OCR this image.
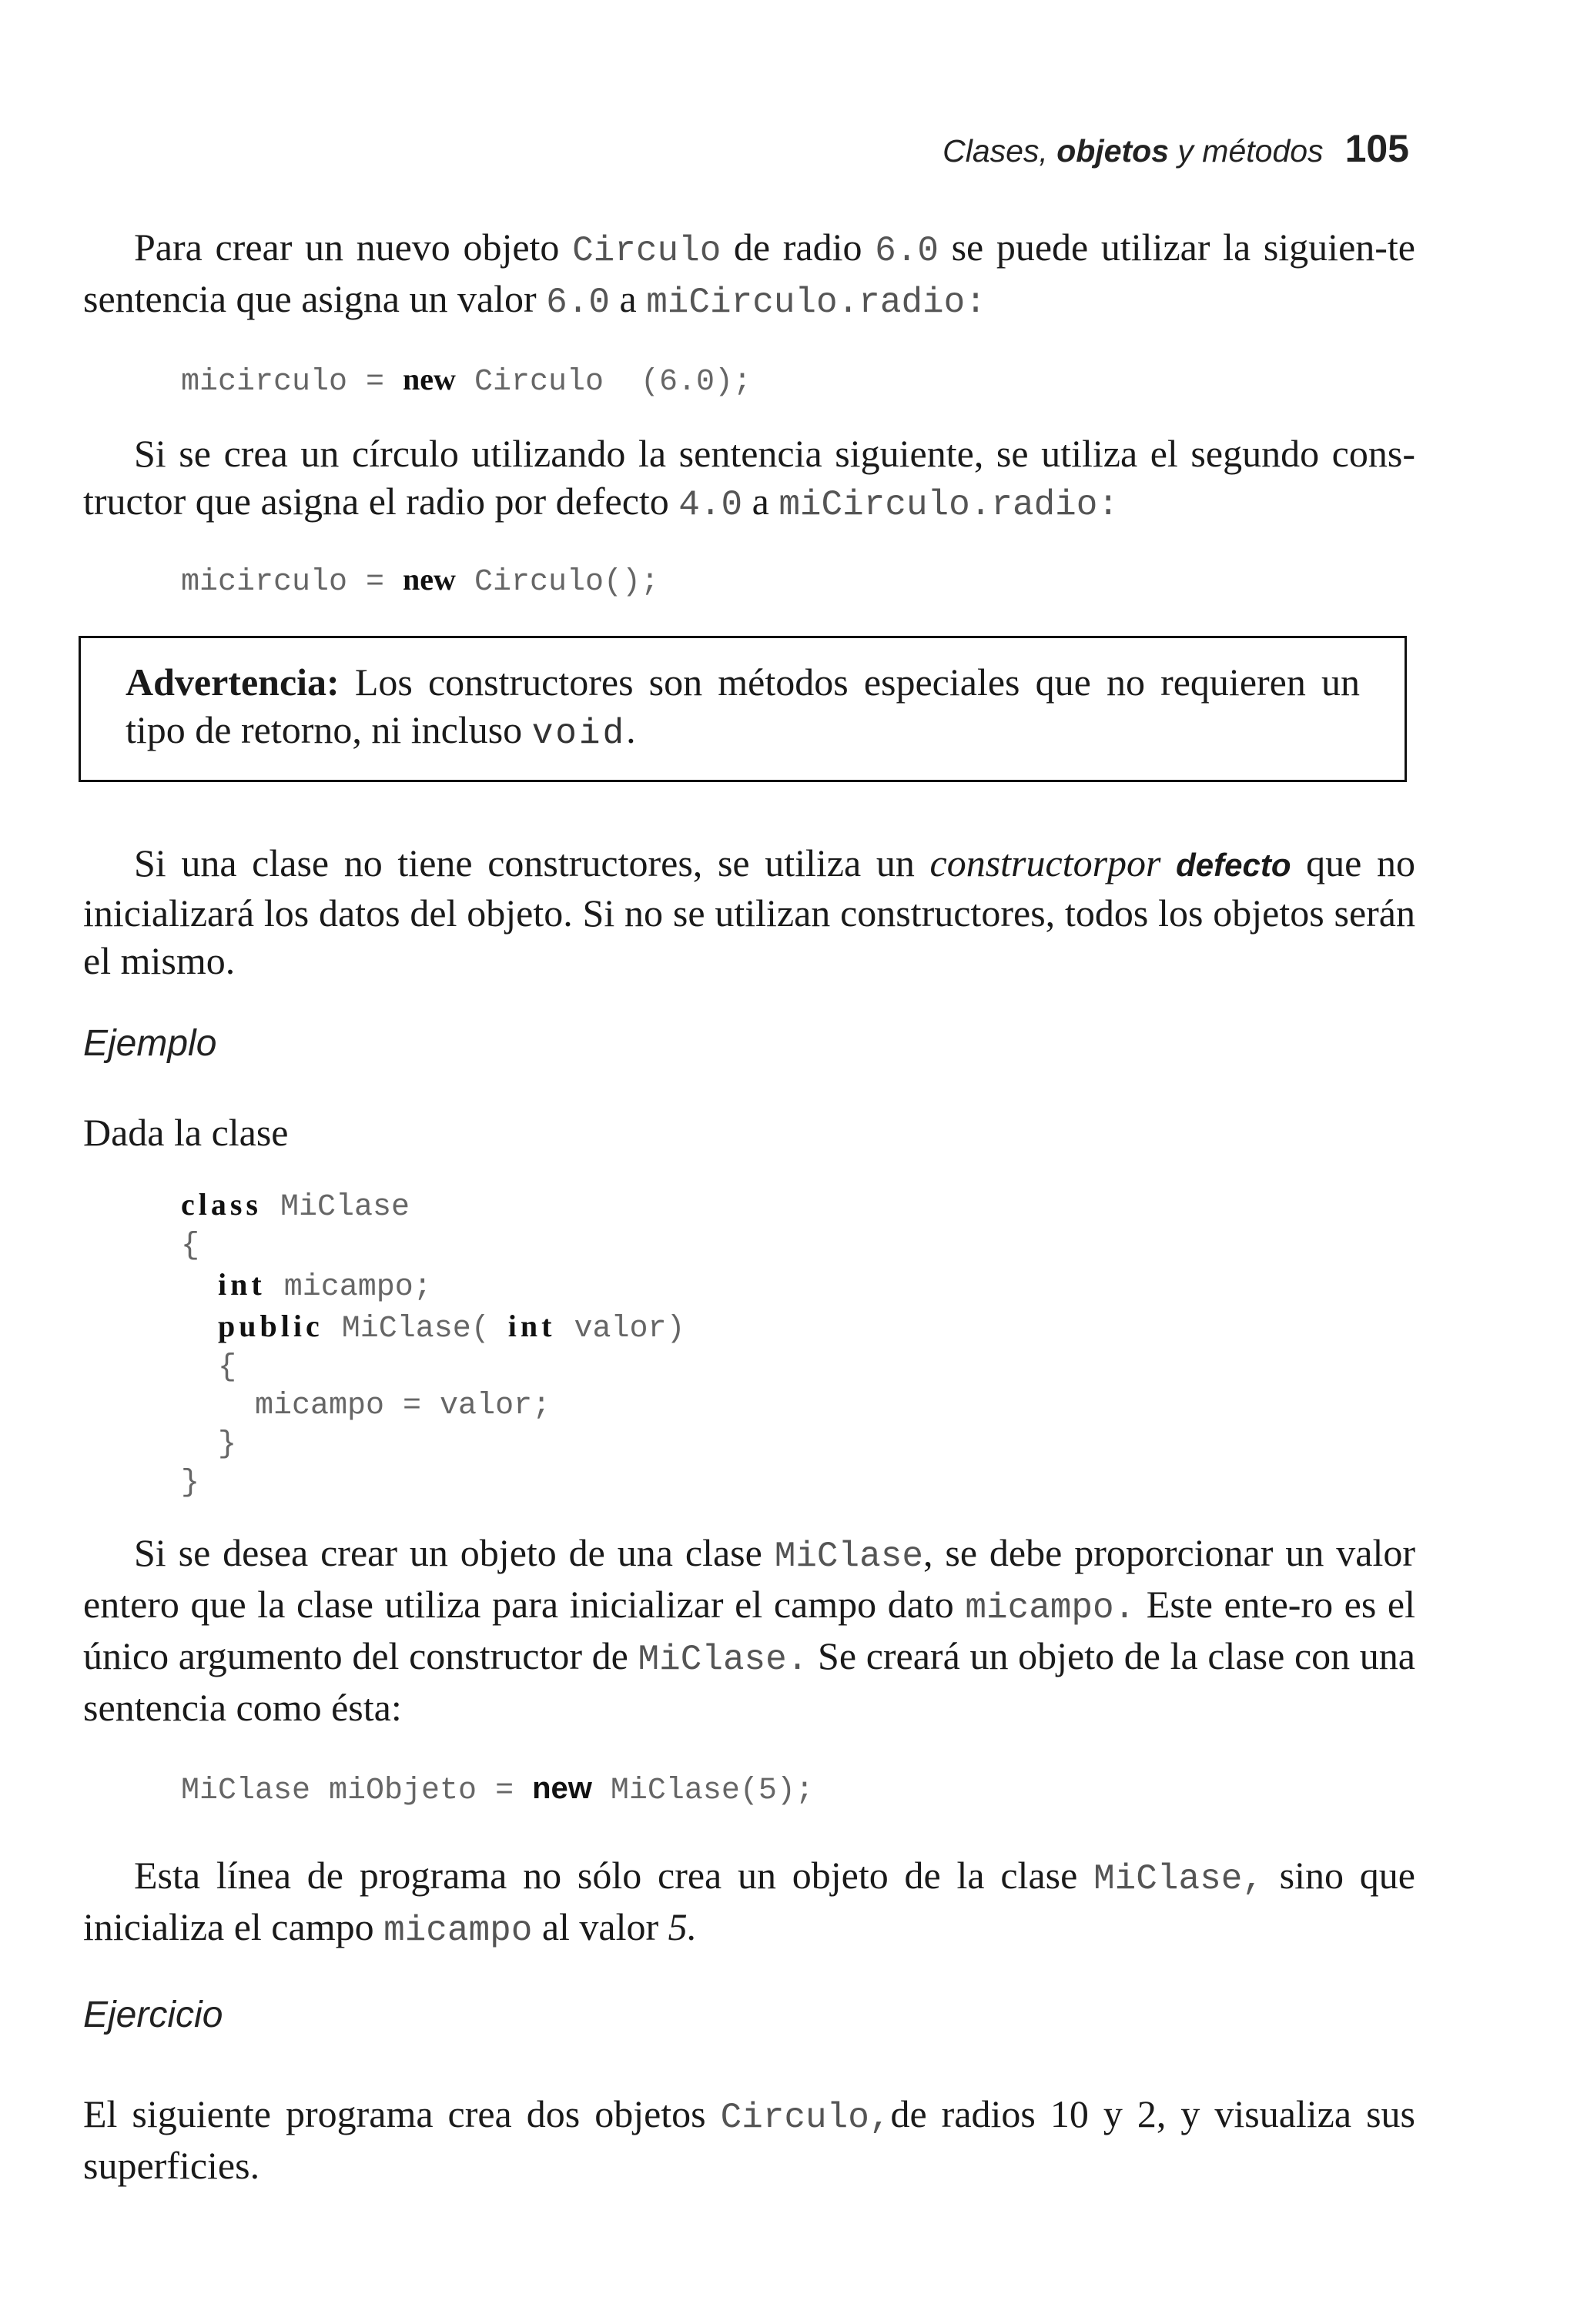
Clases, objetos y métodos 105
Para crear un nuevo objeto Circulo de radio 6.0 se puede utilizar la siguien-te sentencia que asigna un valor 6.0 a miCirculo.radio:
micirculo = new Circulo  (6.0);
Si se crea un círculo utilizando la sentencia siguiente, se utiliza el segundo cons-tructor que asigna el radio por defecto 4.0 a miCirculo.radio:
micirculo = new Circulo();
Advertencia: Los constructores son métodos especiales que no requieren un tipo de retorno, ni incluso void.
Si una clase no tiene constructores, se utiliza un constructorpor defecto que no inicializará los datos del objeto. Si no se utilizan constructores, todos los objetos serán el mismo.
Ejemplo
Dada la clase
class MiClase
{
int micampo;
public MiClase( int valor)
{
micampo = valor;
}
}
Si se desea crear un objeto de una clase MiClase, se debe proporcionar un valor entero que la clase utiliza para inicializar el campo dato micampo. Este ente-ro es el único argumento del constructor de MiClase. Se creará un objeto de la clase con una sentencia como ésta:
MiClase miObjeto = new MiClase(5);
Esta línea de programa no sólo crea un objeto de la clase MiClase, sino que inicializa el campo micampo al valor 5.
Ejercicio
El siguiente programa crea dos objetos Circulo,de radios 10 y 2, y visualiza sus superficies.
